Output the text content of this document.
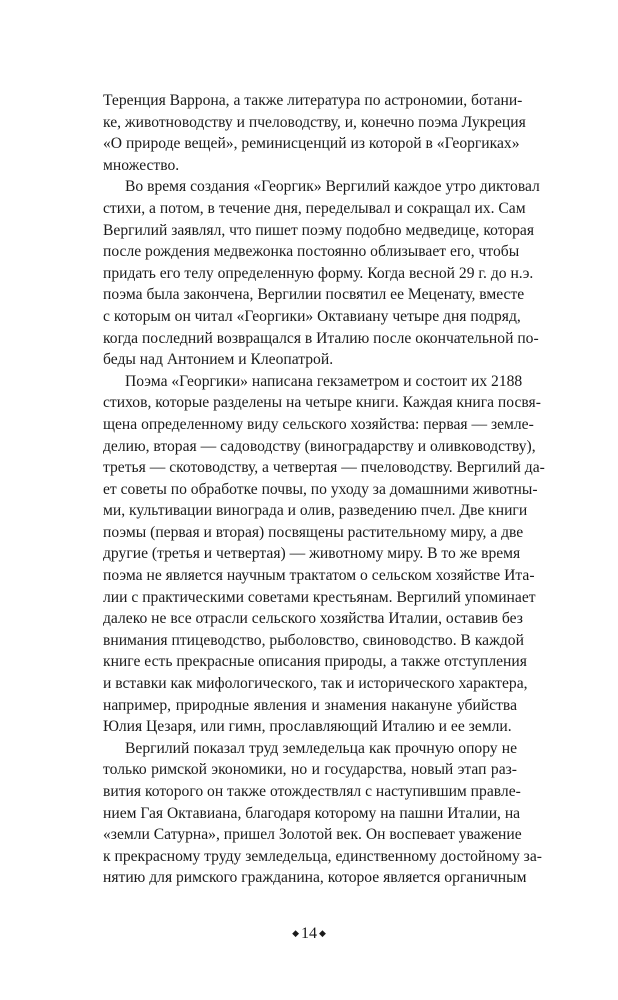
Теренция Варрона, а также литература по астрономии, ботани-
ке, животноводству и пчеловодству, и, конечно поэма Лукреция
«О природе вещей», реминисценций из которой в «Георгиках»
множество.
Во время создания «Георгик» Вергилий каждое утро диктовал
стихи, а потом, в течение дня, переделывал и сокращал их. Сам
Вергилий заявлял, что пишет поэму подобно медведице, которая
после рождения медвежонка постоянно облизывает его, чтобы
придать его телу определенную форму. Когда весной 29 г. до н.э.
поэма была закончена, Вергилии посвятил ее Меценату, вместе
с которым он читал «Георгики» Октавиану четыре дня подряд,
когда последний возвращался в Италию после окончательной по-
беды над Антонием и Клеопатрой.
Поэма «Георгики» написана гекзаметром и состоит их 2188
стихов, которые разделены на четыре книги. Каждая книга посвя-
щена определенному виду сельского хозяйства: первая — земле-
делию, вторая — садоводству (виноградарству и оливководству),
третья — скотоводству, а четвертая — пчеловодству. Вергилий да-
ет советы по обработке почвы, по уходу за домашними животны-
ми, культивации винограда и олив, разведению пчел. Две книги
поэмы (первая и вторая) посвящены растительному миру, а две
другие (третья и четвертая) — животному миру. В то же время
поэма не является научным трактатом о сельском хозяйстве Ита-
лии с практическими советами крестьянам. Вергилий упоминает
далеко не все отрасли сельского хозяйства Италии, оставив без
внимания птицеводство, рыболовство, свиноводство. В каждой
книге есть прекрасные описания природы, а также отступления
и вставки как мифологического, так и исторического характера,
например, природные явления и знамения накануне убийства
Юлия Цезаря, или гимн, прославляющий Италию и ее земли.
Вергилий показал труд земледельца как прочную опору не
только римской экономики, но и государства, новый этап раз-
вития которого он также отождествлял с наступившим правле-
нием Гая Октавиана, благодаря которому на пашни Италии, на
«земли Сатурна», пришел Золотой век. Он воспевает уважение
к прекрасному труду земледельца, единственному достойному за-
нятию для римского гражданина, которое является органичным
◆ 14 ◆
